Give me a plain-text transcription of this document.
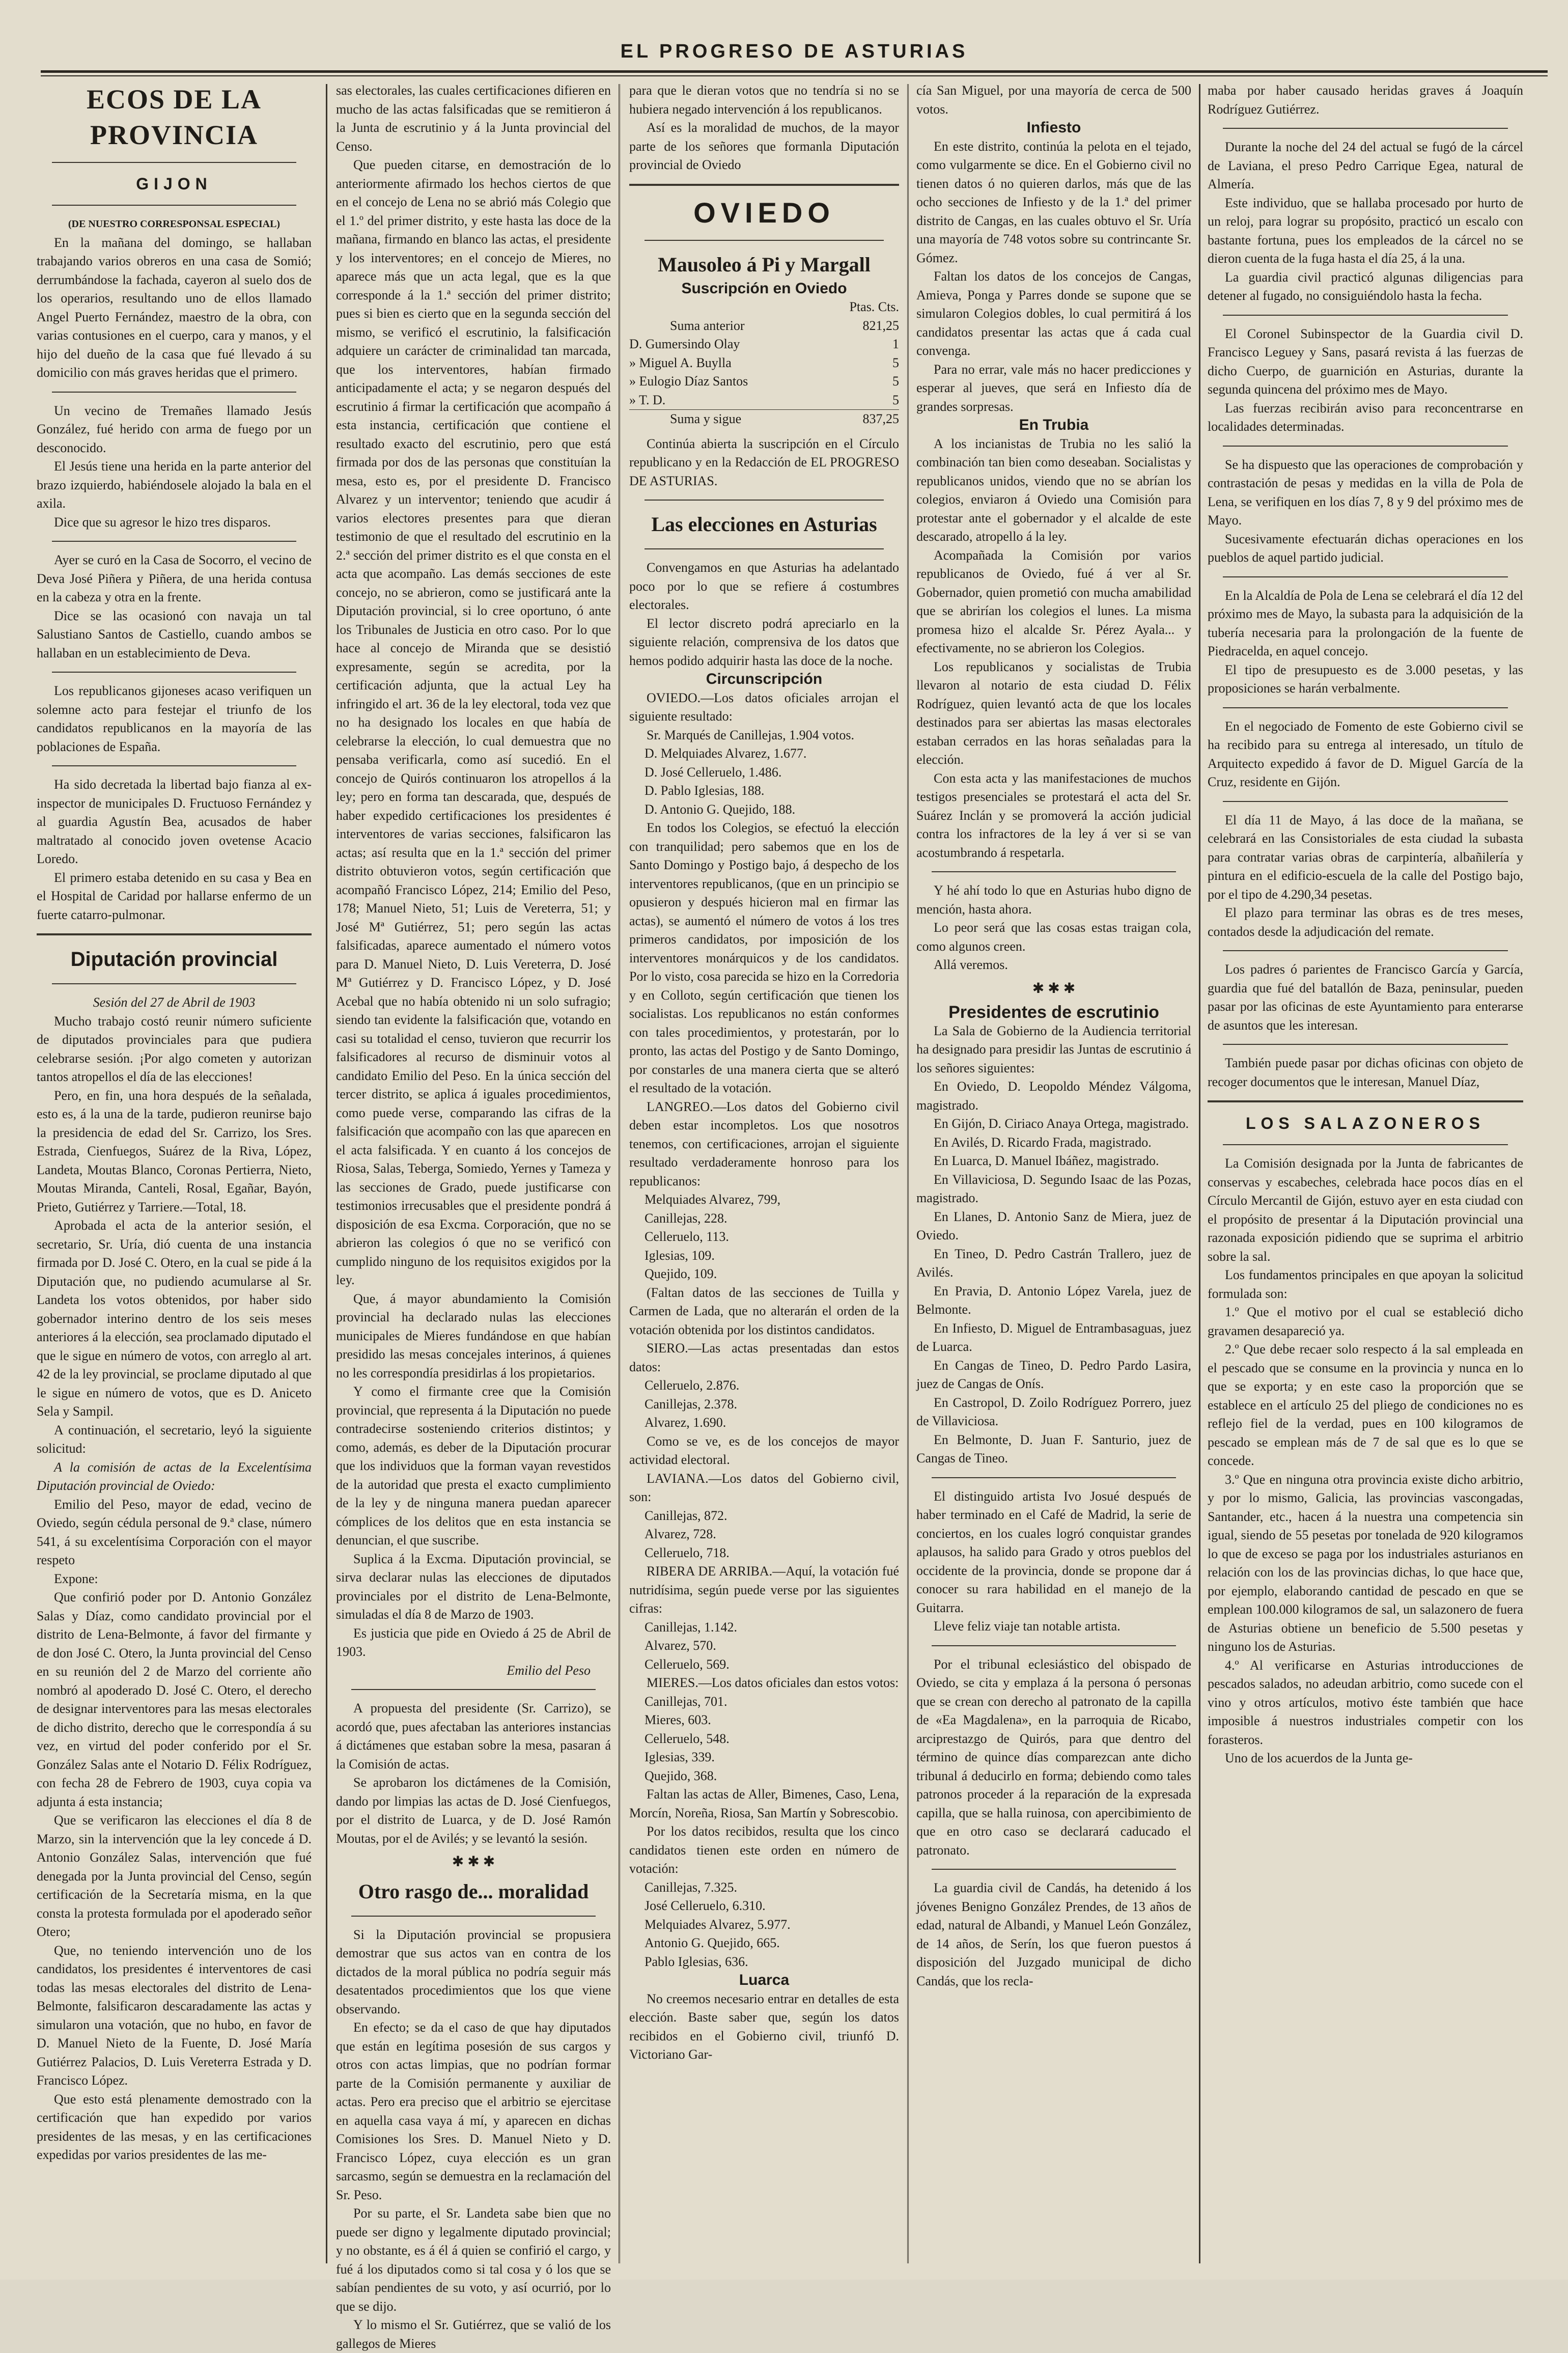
EL PROGRESO DE ASTURIAS

ECOS DE LA PROVINCIA

GIJON

(DE NUESTRO CORRESPONSAL ESPECIAL)

En la mañana del domingo, se hallaban trabajando varios obreros en una casa de Somió; derrumbándose la fachada, cayeron al suelo dos de los operarios, resultando uno de ellos llamado Angel Puerto Fernández, maestro de la obra, con varias contusiones en el cuerpo, cara y manos, y el hijo del dueño de la casa que fué llevado á su domicilio con más graves heridas que el primero.

Un vecino de Tremañes llamado Jesús González, fué herido con arma de fuego por un desconocido.

El Jesús tiene una herida en la parte anterior del brazo izquierdo, habiéndosele alojado la bala en el axila.

Dice que su agresor le hizo tres disparos.

Ayer se curó en la Casa de Socorro, el vecino de Deva José Piñera y Piñera, de una herida contusa en la cabeza y otra en la frente.

Dice se las ocasionó con navaja un tal Salustiano Santos de Castiello, cuando ambos se hallaban en un establecimiento de Deva.

Los republicanos gijoneses acaso verifiquen un solemne acto para festejar el triunfo de los candidatos republicanos en la mayoría de las poblaciones de España.

Ha sido decretada la libertad bajo fianza al ex-inspector de municipales D. Fructuoso Fernández y al guardia Agustín Bea, acusados de haber maltratado al conocido joven ovetense Acacio Loredo.

El primero estaba detenido en su casa y Bea en el Hospital de Caridad por hallarse enfermo de un fuerte catarro-pulmonar.

Diputación provincial

Sesión del 27 de Abril de 1903

Mucho trabajo costó reunir número suficiente de diputados provinciales para que pudiera celebrarse sesión. ¡Por algo cometen y autorizan tantos atropellos el día de las elecciones!

Pero, en fin, una hora después de la señalada, esto es, á la una de la tarde, pudieron reunirse bajo la presidencia de edad del Sr. Carrizo, los Sres. Estrada, Cienfuegos, Suárez de la Riva, López, Landeta, Moutas Blanco, Coronas Pertierra, Nieto, Moutas Miranda, Canteli, Rosal, Egañar, Bayón, Prieto, Gutiérrez y Tarriere.—Total, 18.

Aprobada el acta de la anterior sesión, el secretario, Sr. Uría, dió cuenta de una instancia firmada por D. José C. Otero, en la cual se pide á la Diputación que, no pudiendo acumularse al Sr. Landeta los votos obtenidos, por haber sido gobernador interino dentro de los seis meses anteriores á la elección, sea proclamado diputado el que le sigue en número de votos, con arreglo al art. 42 de la ley provincial, se proclame diputado al que le sigue en número de votos, que es D. Aniceto Sela y Sampil.

A continuación, el secretario, leyó la siguiente solicitud:

A la comisión de actas de la Excelentísima Diputación provincial de Oviedo:

Emilio del Peso, mayor de edad, vecino de Oviedo, según cédula personal de 9.ª clase, número 541, á su excelentísima Corporación con el mayor respeto

Expone:

Que confirió poder por D. Antonio González Salas y Díaz, como candidato provincial por el distrito de Lena-Belmonte, á favor del firmante y de don José C. Otero, la Junta provincial del Censo en su reunión del 2 de Marzo del corriente año nombró al apoderado D. José C. Otero, el derecho de designar interventores para las mesas electorales de dicho distrito, derecho que le correspondía á su vez, en virtud del poder conferido por el Sr. González Salas ante el Notario D. Félix Rodríguez, con fecha 28 de Febrero de 1903, cuya copia va adjunta á esta instancia;

Que se verificaron las elecciones el día 8 de Marzo, sin la intervención que la ley concede á D. Antonio González Salas, intervención que fué denegada por la Junta provincial del Censo, según certificación de la Secretaría misma, en la que consta la protesta formulada por el apoderado señor Otero;

Que, no teniendo intervención uno de los candidatos, los presidentes é interventores de casi todas las mesas electorales del distrito de Lena-Belmonte, falsificaron descaradamente las actas y simularon una votación, que no hubo, en favor de D. Manuel Nieto de la Fuente, D. José María Gutiérrez Palacios, D. Luis Vereterra Estrada y D. Francisco López.

Que esto está plenamente demostrado con la certificación que han expedido por varios presidentes de las mesas, y en las certificaciones expedidas por varios presidentes de las me-

sas electorales, las cuales certificaciones difieren en mucho de las actas falsificadas que se remitieron á la Junta de escrutinio y á la Junta provincial del Censo.

Que pueden citarse, en demostración de lo anteriormente afirmado los hechos ciertos de que en el concejo de Lena no se abrió más Colegio que el 1.º del primer distrito, y este hasta las doce de la mañana, firmando en blanco las actas, el presidente y los interventores; en el concejo de Mieres, no aparece más que un acta legal, que es la que corresponde á la 1.ª sección del primer distrito; pues si bien es cierto que en la segunda sección del mismo, se verificó el escrutinio, la falsificación adquiere un carácter de criminalidad tan marcada, que los interventores, habían firmado anticipadamente el acta; y se negaron después del escrutinio á firmar la certificación que acompaño á esta instancia, certificación que contiene el resultado exacto del escrutinio, pero que está firmada por dos de las personas que constituían la mesa, esto es, por el presidente D. Francisco Alvarez y un interventor; teniendo que acudir á varios electores presentes para que dieran testimonio de que el resultado del escrutinio en la 2.ª sección del primer distrito es el que consta en el acta que acompaño. Las demás secciones de este concejo, no se abrieron, como se justificará ante la Diputación provincial, si lo cree oportuno, ó ante los Tribunales de Justicia en otro caso. Por lo que hace al concejo de Miranda que se desistió expresamente, según se acredita, por la certificación adjunta, que la actual Ley ha infringido el art. 36 de la ley electoral, toda vez que no ha designado los locales en que había de celebrarse la elección, lo cual demuestra que no pensaba verificarla, como así sucedió. En el concejo de Quirós continuaron los atropellos á la ley; pero en forma tan descarada, que, después de haber expedido certificaciones los presidentes é interventores de varias secciones, falsificaron las actas; así resulta que en la 1.ª sección del primer distrito obtuvieron votos, según certificación que acompañó Francisco López, 214; Emilio del Peso, 178; Manuel Nieto, 51; Luis de Vereterra, 51; y José Mª Gutiérrez, 51; pero según las actas falsificadas, aparece aumentado el número votos para D. Manuel Nieto, D. Luis Vereterra, D. José Mª Gutiérrez y D. Francisco López, y D. José Acebal que no había obtenido ni un solo sufragio; siendo tan evidente la falsificación que, votando en casi su totalidad el censo, tuvieron que recurrir los falsificadores al recurso de disminuir votos al candidato Emilio del Peso. En la única sección del tercer distrito, se aplica á iguales procedimientos, como puede verse, comparando las cifras de la falsificación que acompaño con las que aparecen en el acta falsificada. Y en cuanto á los concejos de Riosa, Salas, Teberga, Somiedo, Yernes y Tameza y las secciones de Grado, puede justificarse con testimonios irrecusables que el presidente pondrá á disposición de esa Excma. Corporación, que no se abrieron las colegios ó que no se verificó con cumplido ninguno de los requisitos exigidos por la ley.

Que, á mayor abundamiento la Comisión provincial ha declarado nulas las elecciones municipales de Mieres fundándose en que habían presidido las mesas concejales interinos, á quienes no les correspondía presidirlas á los propietarios.

Y como el firmante cree que la Comisión provincial, que representa á la Diputación no puede contradecirse sosteniendo criterios distintos; y como, además, es deber de la Diputación procurar que los individuos que la forman vayan revestidos de la autoridad que presta el exacto cumplimiento de la ley y de ninguna manera puedan aparecer cómplices de los delitos que en esta instancia se denuncian, el que suscribe.

Suplica á la Excma. Diputación provincial, se sirva declarar nulas las elecciones de diputados provinciales por el distrito de Lena-Belmonte, simuladas el día 8 de Marzo de 1903.

Es justicia que pide en Oviedo á 25 de Abril de 1903.

Emilio del Peso

A propuesta del presidente (Sr. Carrizo), se acordó que, pues afectaban las anteriores instancias á dictámenes que estaban sobre la mesa, pasaran á la Comisión de actas.

Se aprobaron los dictámenes de la Comisión, dando por limpias las actas de D. José Cienfuegos, por el distrito de Luarca, y de D. José Ramón Moutas, por el de Avilés; y se levantó la sesión.

✱ ✱ ✱

Otro rasgo de... moralidad

Si la Diputación provincial se propusiera demostrar que sus actos van en contra de los dictados de la moral pública no podría seguir más desatentados procedimientos que los que viene observando.

En efecto; se da el caso de que hay diputados que están en legítima posesión de sus cargos y otros con actas limpias, que no podrían formar parte de la Comisión permanente y auxiliar de actas. Pero era preciso que el arbitrio se ejercitase en aquella casa vaya á mí, y aparecen en dichas Comisiones los Sres. D. Manuel Nieto y D. Francisco López, cuya elección es un gran sarcasmo, según se demuestra en la reclamación del Sr. Peso.

Por su parte, el Sr. Landeta sabe bien que no puede ser digno y legalmente diputado provincial; y no obstante, es á él á quien se confirió el cargo, y fué á los diputados como si tal cosa y ó los que se sabían pendientes de su voto, y así ocurrió, por lo que se dijo.

Y lo mismo el Sr. Gutiérrez, que se valió de los gallegos de Mieres

para que le dieran votos que no tendría si no se hubiera negado intervención á los republicanos.

Así es la moralidad de muchos, de la mayor parte de los señores que formanla Diputación provincial de Oviedo

OVIEDO

Mausoleo á Pi y Margall

Suscripción en Oviedo

Ptas. Cts.
Suma anterior	821,25
D. Gumersindo Olay	1
» Miguel A. Buylla	5
» Eulogio Díaz Santos	5
» T. D.	5
Suma y sigue	837,25

Continúa abierta la suscripción en el Círculo republicano y en la Redacción de EL PROGRESO DE ASTURIAS.

Las elecciones en Asturias

Convengamos en que Asturias ha adelantado poco por lo que se refiere á costumbres electorales.

El lector discreto podrá apreciarlo en la siguiente relación, comprensiva de los datos que hemos podido adquirir hasta las doce de la noche.

Circunscripción

OVIEDO.—Los datos oficiales arrojan el siguiente resultado:

Sr. Marqués de Canillejas, 1.904 votos.

D. Melquiades Alvarez, 1.677.

D. José Celleruelo, 1.486.

D. Pablo Iglesias, 188.

D. Antonio G. Quejido, 188.

En todos los Colegios, se efectuó la elección con tranquilidad; pero sabemos que en los de Santo Domingo y Postigo bajo, á despecho de los interventores republicanos, (que en un principio se opusieron y después hicieron mal en firmar las actas), se aumentó el número de votos á los tres primeros candidatos, por imposición de los interventores monárquicos y de los candidatos. Por lo visto, cosa parecida se hizo en la Corredoria y en Colloto, según certificación que tienen los socialistas. Los republicanos no están conformes con tales procedimientos, y protestarán, por lo pronto, las actas del Postigo y de Santo Domingo, por constarles de una manera cierta que se alteró el resultado de la votación.

LANGREO.—Los datos del Gobierno civil deben estar incompletos. Los que nosotros tenemos, con certificaciones, arrojan el siguiente resultado verdaderamente honroso para los republicanos:

Melquiades Alvarez, 799,

Canillejas, 228.

Celleruelo, 113.

Iglesias, 109.

Quejido, 109.

(Faltan datos de las secciones de Tuilla y Carmen de Lada, que no alterarán el orden de la votación obtenida por los distintos candidatos.

SIERO.—Las actas presentadas dan estos datos:

Celleruelo, 2.876.

Canillejas, 2.378.

Alvarez, 1.690.

Como se ve, es de los concejos de mayor actividad electoral.

LAVIANA.—Los datos del Gobierno civil, son:

Canillejas, 872.

Alvarez, 728.

Celleruelo, 718.

RIBERA DE ARRIBA.—Aquí, la votación fué nutridísima, según puede verse por las siguientes cifras:

Canillejas, 1.142.

Alvarez, 570.

Celleruelo, 569.

MIERES.—Los datos oficiales dan estos votos:

Canillejas, 701.

Mieres, 603.

Celleruelo, 548.

Iglesias, 339.

Quejido, 368.

Faltan las actas de Aller, Bimenes, Caso, Lena, Morcín, Noreña, Riosa, San Martín y Sobrescobio.

Por los datos recibidos, resulta que los cinco candidatos tienen este orden en número de votación:

Canillejas, 7.325.

José Celleruelo, 6.310.

Melquiades Alvarez, 5.977.

Antonio G. Quejido, 665.

Pablo Iglesias, 636.

Luarca

No creemos necesario entrar en detalles de esta elección. Baste saber que, según los datos recibidos en el Gobierno civil, triunfó D. Victoriano Gar-

cía San Miguel, por una mayoría de cerca de 500 votos.

Infiesto

En este distrito, continúa la pelota en el tejado, como vulgarmente se dice. En el Gobierno civil no tienen datos ó no quieren darlos, más que de las ocho secciones de Infiesto y de la 1.ª del primer distrito de Cangas, en las cuales obtuvo el Sr. Uría una mayoría de 748 votos sobre su contrincante Sr. Gómez.

Faltan los datos de los concejos de Cangas, Amieva, Ponga y Parres donde se supone que se simularon Colegios dobles, lo cual permitirá á los candidatos presentar las actas que á cada cual convenga.

Para no errar, vale más no hacer predicciones y esperar al jueves, que será en Infiesto día de grandes sorpresas.

En Trubia

A los incianistas de Trubia no les salió la combinación tan bien como deseaban. Socialistas y republicanos unidos, viendo que no se abrían los colegios, enviaron á Oviedo una Comisión para protestar ante el gobernador y el alcalde de este descarado, atropello á la ley.

Acompañada la Comisión por varios republicanos de Oviedo, fué á ver al Sr. Gobernador, quien prometió con mucha amabilidad que se abrirían los colegios el lunes. La misma promesa hizo el alcalde Sr. Pérez Ayala... y efectivamente, no se abrieron los Colegios.

Los republicanos y socialistas de Trubia llevaron al notario de esta ciudad D. Félix Rodríguez, quien levantó acta de que los locales destinados para ser abiertas las masas electorales estaban cerrados en las horas señaladas para la elección.

Con esta acta y las manifestaciones de muchos testigos presenciales se protestará el acta del Sr. Suárez Inclán y se promoverá la acción judicial contra los infractores de la ley á ver si se van acostumbrando á respetarla.

Y hé ahí todo lo que en Asturias hubo digno de mención, hasta ahora.

Lo peor será que las cosas estas traigan cola, como algunos creen.

Allá veremos.

✱ ✱ ✱

Presidentes de escrutinio

La Sala de Gobierno de la Audiencia territorial ha designado para presidir las Juntas de escrutinio á los señores siguientes:

En Oviedo, D. Leopoldo Méndez Válgoma, magistrado.

En Gijón, D. Ciriaco Anaya Ortega, magistrado.

En Avilés, D. Ricardo Frada, magistrado.

En Luarca, D. Manuel Ibáñez, magistrado.

En Villaviciosa, D. Segundo Isaac de las Pozas, magistrado.

En Llanes, D. Antonio Sanz de Miera, juez de Oviedo.

En Tineo, D. Pedro Castrán Trallero, juez de Avilés.

En Pravia, D. Antonio López Varela, juez de Belmonte.

En Infiesto, D. Miguel de Entrambasaguas, juez de Luarca.

En Cangas de Tineo, D. Pedro Pardo Lasira, juez de Cangas de Onís.

En Castropol, D. Zoilo Rodríguez Porrero, juez de Villaviciosa.

En Belmonte, D. Juan F. Santurio, juez de Cangas de Tineo.

El distinguido artista Ivo Josué después de haber terminado en el Café de Madrid, la serie de conciertos, en los cuales logró conquistar grandes aplausos, ha salido para Grado y otros pueblos del occidente de la provincia, donde se propone dar á conocer su rara habilidad en el manejo de la Guitarra.

Lleve feliz viaje tan notable artista.

Por el tribunal eclesiástico del obispado de Oviedo, se cita y emplaza á la persona ó personas que se crean con derecho al patronato de la capilla de «Ea Magdalena», en la parroquia de Ricabo, arciprestazgo de Quirós, para que dentro del término de quince días comparezcan ante dicho tribunal á deducirlo en forma; debiendo como tales patronos proceder á la reparación de la expresada capilla, que se halla ruinosa, con apercibimiento de que en otro caso se declarará caducado el patronato.

La guardia civil de Candás, ha detenido á los jóvenes Benigno González Prendes, de 13 años de edad, natural de Albandi, y Manuel León González, de 14 años, de Serín, los que fueron puestos á disposición del Juzgado municipal de dicho Candás, que los recla-

maba por haber causado heridas graves á Joaquín Rodríguez Gutiérrez.

Durante la noche del 24 del actual se fugó de la cárcel de Laviana, el preso Pedro Carrique Egea, natural de Almería.

Este individuo, que se hallaba procesado por hurto de un reloj, para lograr su propósito, practicó un escalo con bastante fortuna, pues los empleados de la cárcel no se dieron cuenta de la fuga hasta el día 25, á la una.

La guardia civil practicó algunas diligencias para detener al fugado, no consiguiéndolo hasta la fecha.

El Coronel Subinspector de la Guardia civil D. Francisco Leguey y Sans, pasará revista á las fuerzas de dicho Cuerpo, de guarnición en Asturias, durante la segunda quincena del próximo mes de Mayo.

Las fuerzas recibirán aviso para reconcentrarse en localidades determinadas.

Se ha dispuesto que las operaciones de comprobación y contrastación de pesas y medidas en la villa de Pola de Lena, se verifiquen en los días 7, 8 y 9 del próximo mes de Mayo.

Sucesivamente efectuarán dichas operaciones en los pueblos de aquel partido judicial.

En la Alcaldía de Pola de Lena se celebrará el día 12 del próximo mes de Mayo, la subasta para la adquisición de la tubería necesaria para la prolongación de la fuente de Piedracelda, en aquel concejo.

El tipo de presupuesto es de 3.000 pesetas, y las proposiciones se harán verbalmente.

En el negociado de Fomento de este Gobierno civil se ha recibido para su entrega al interesado, un título de Arquitecto expedido á favor de D. Miguel García de la Cruz, residente en Gijón.

El día 11 de Mayo, á las doce de la mañana, se celebrará en las Consistoriales de esta ciudad la subasta para contratar varias obras de carpintería, albañilería y pintura en el edificio-escuela de la calle del Postigo bajo, por el tipo de 4.290,34 pesetas.

El plazo para terminar las obras es de tres meses, contados desde la adjudicación del remate.

Los padres ó parientes de Francisco García y García, guardia que fué del batallón de Baza, peninsular, pueden pasar por las oficinas de este Ayuntamiento para enterarse de asuntos que les interesan.

También puede pasar por dichas oficinas con objeto de recoger documentos que le interesan, Manuel Díaz,

LOS SALAZONEROS

La Comisión designada por la Junta de fabricantes de conservas y escabeches, celebrada hace pocos días en el Círculo Mercantil de Gijón, estuvo ayer en esta ciudad con el propósito de presentar á la Diputación provincial una razonada exposición pidiendo que se suprima el arbitrio sobre la sal.

Los fundamentos principales en que apoyan la solicitud formulada son:

1.º Que el motivo por el cual se estableció dicho gravamen desapareció ya.

2.º Que debe recaer solo respecto á la sal empleada en el pescado que se consume en la provincia y nunca en lo que se exporta; y en este caso la proporción que se establece en el artículo 25 del pliego de condiciones no es reflejo fiel de la verdad, pues en 100 kilogramos de pescado se emplean más de 7 de sal que es lo que se concede.

3.º Que en ninguna otra provincia existe dicho arbitrio, y por lo mismo, Galicia, las provincias vascongadas, Santander, etc., hacen á la nuestra una competencia sin igual, siendo de 55 pesetas por tonelada de 920 kilogramos lo que de exceso se paga por los industriales asturianos en relación con los de las provincias dichas, lo que hace que, por ejemplo, elaborando cantidad de pescado en que se emplean 100.000 kilogramos de sal, un salazonero de fuera de Asturias obtiene un beneficio de 5.500 pesetas y ninguno los de Asturias.

4.º Al verificarse en Asturias introducciones de pescados salados, no adeudan arbitrio, como sucede con el vino y otros artículos, motivo éste también que hace imposible á nuestros industriales competir con los forasteros.

Uno de los acuerdos de la Junta ge-
